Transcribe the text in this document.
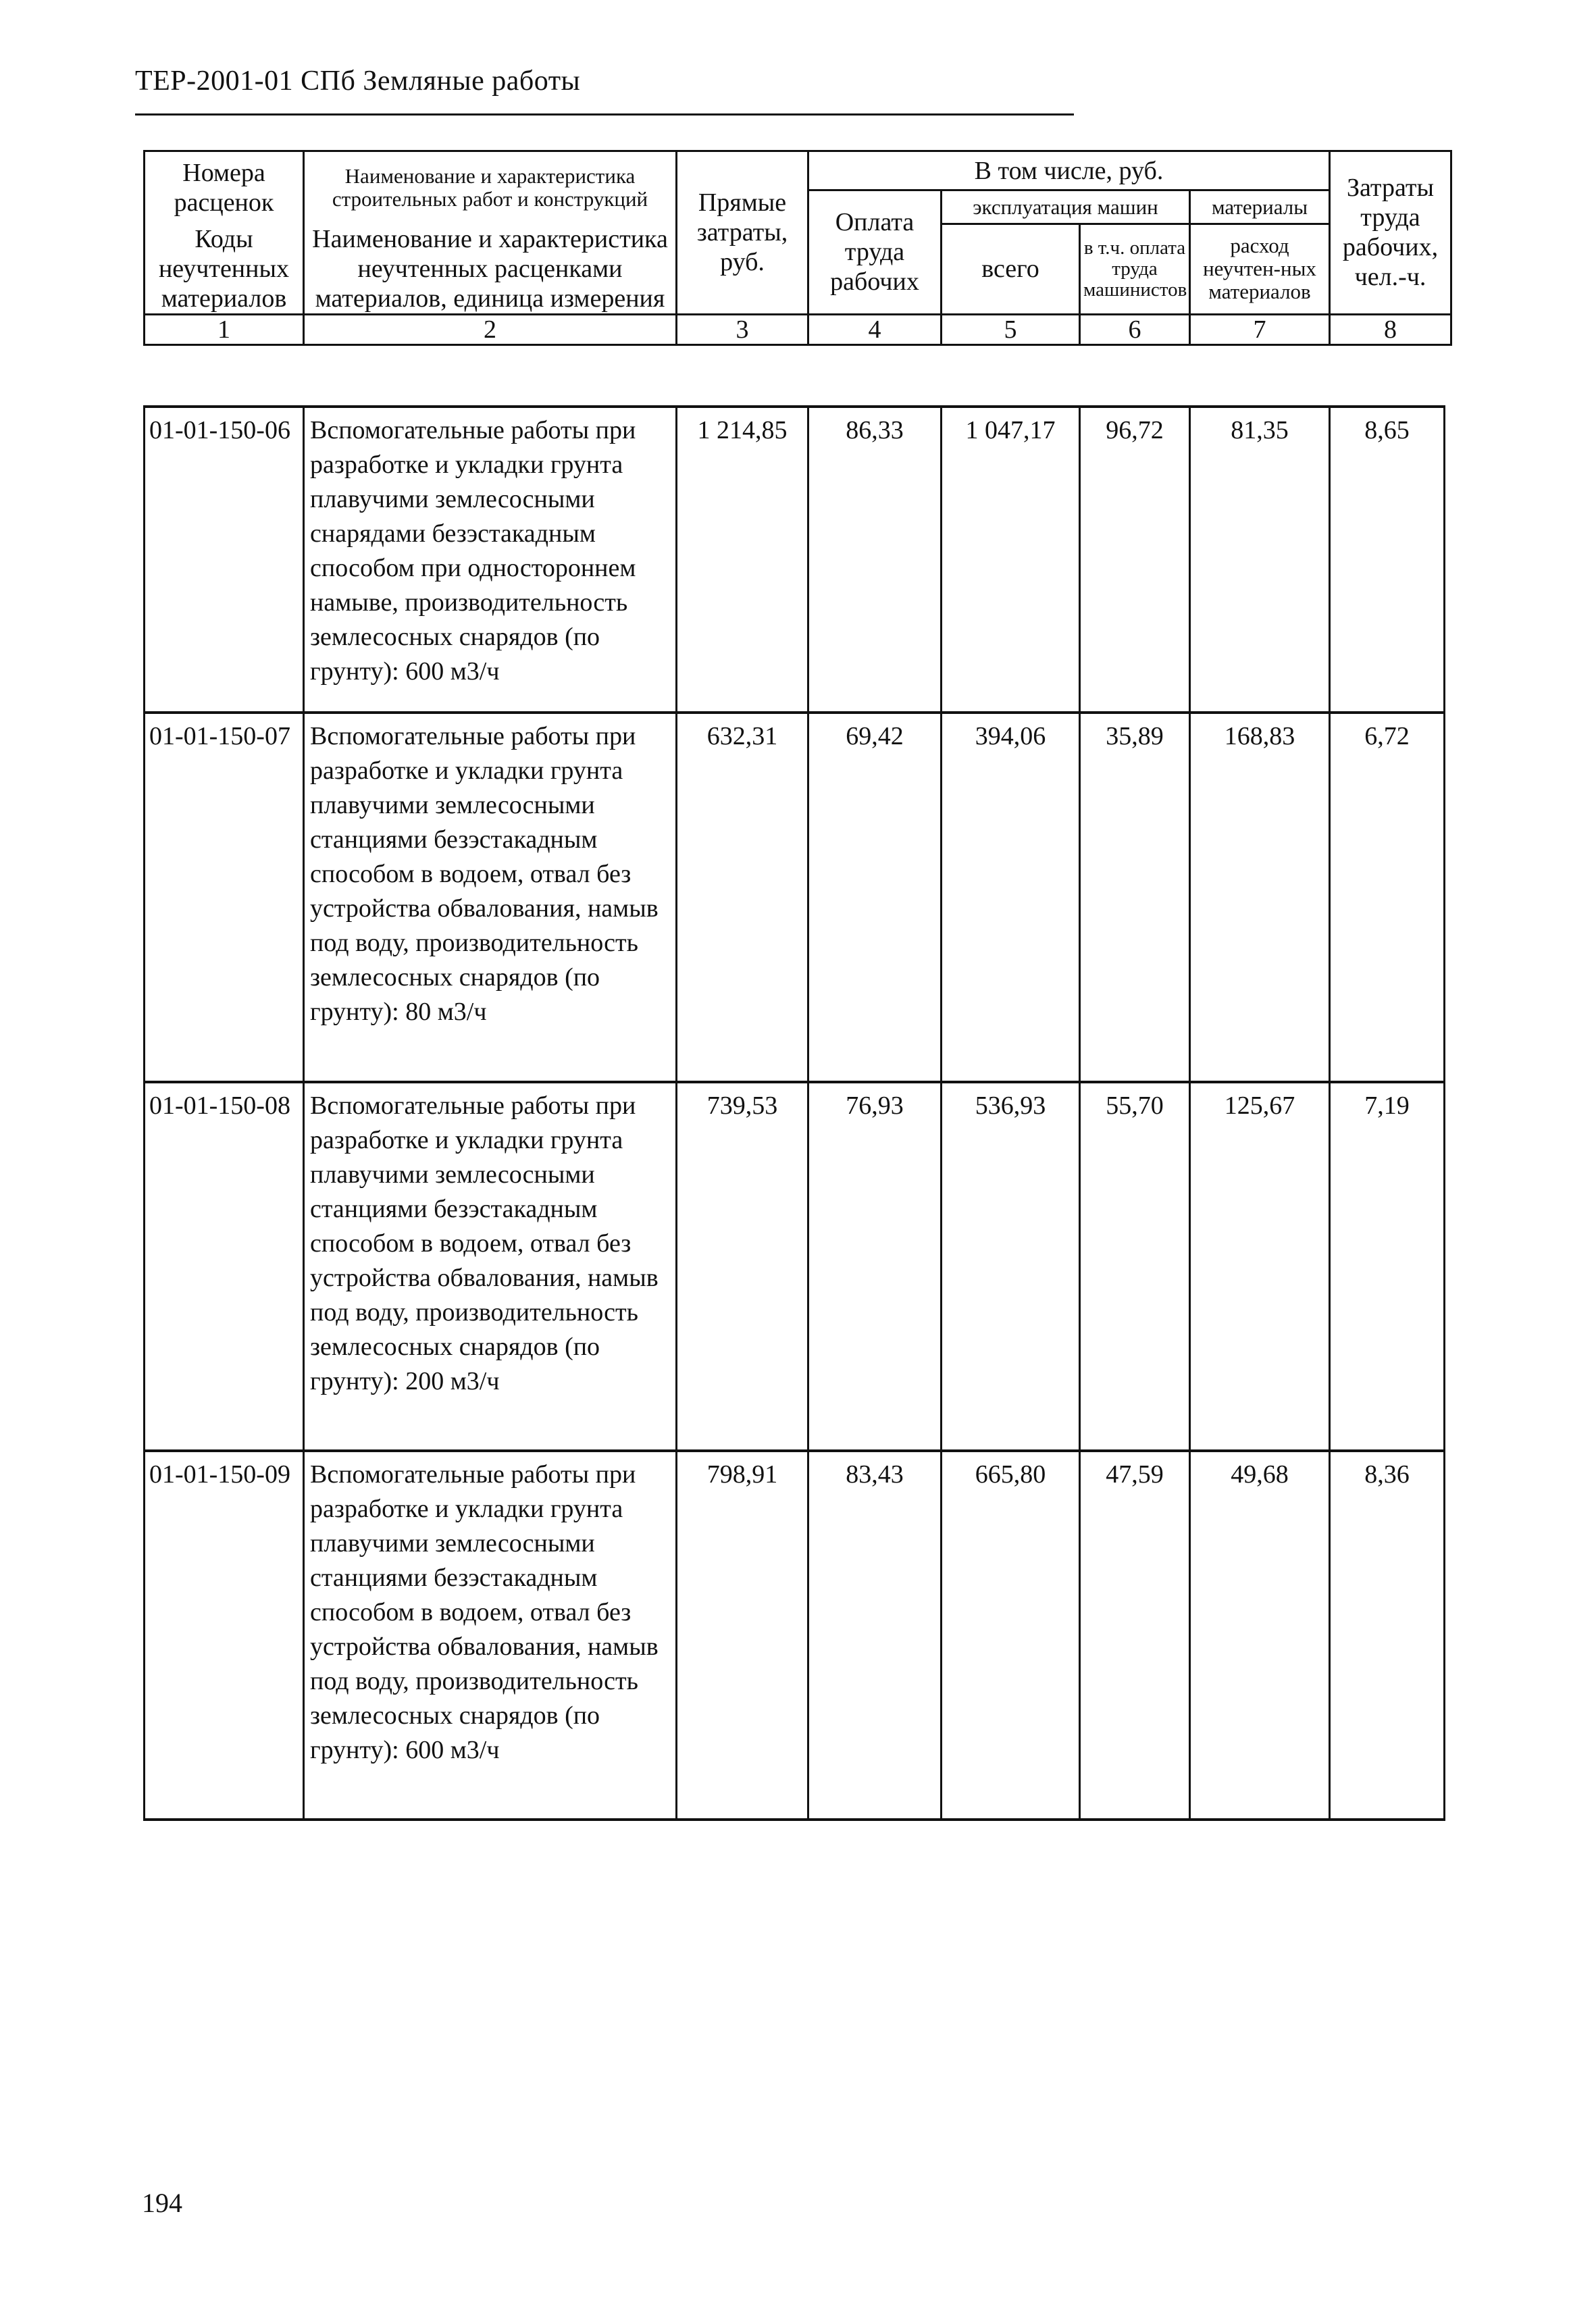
ТЕР-2001-01 СПб Земляные работы
Номера расценок	Наименование и характеристика строительных работ и конструкций	Прямые затраты, руб.	В том числе, руб.				Затраты труда рабочих, чел.-ч.
			Оплата труда рабочих	эксплуатация машин		материалы	
Коды неучтенных материалов	Наименование и характеристика неучтенных расценками материалов, единица измерения			всего	в т.ч. оплата труда машинистов	расход неучтен-ных материалов	

1	2	3	4	5	6	7	8
01-01-150-06	Вспомогательные работы при разработке и укладки грунта плавучими землесосными снарядами безэстакадным способом при одностороннем намыве, производительность землесосных снарядов (по грунту): 600 м3/ч	1 214,85	86,33	1 047,17	96,72	81,35	8,65
01-01-150-07	Вспомогательные работы при разработке и укладки грунта плавучими землесосными станциями безэстакадным способом в водоем, отвал без устройства обвалования, намыв под воду, производительность землесосных снарядов (по грунту): 80 м3/ч	632,31	69,42	394,06	35,89	168,83	6,72
01-01-150-08	Вспомогательные работы при разработке и укладки грунта плавучими землесосными станциями безэстакадным способом в водоем, отвал без устройства обвалования, намыв под воду, производительность землесосных снарядов (по грунту): 200 м3/ч	739,53	76,93	536,93	55,70	125,67	7,19
01-01-150-09	Вспомогательные работы при разработке и укладки грунта плавучими землесосными станциями безэстакадным способом в водоем, отвал без устройства обвалования, намыв под воду, производительность землесосных снарядов (по грунту): 600 м3/ч	798,91	83,43	665,80	47,59	49,68	8,36
194
